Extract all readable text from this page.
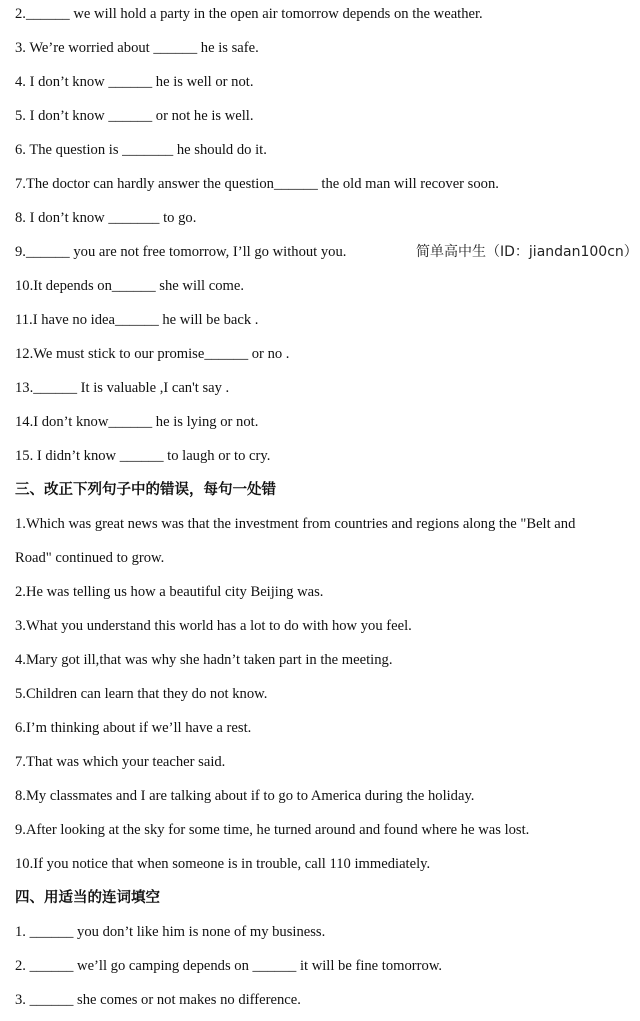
2.______ we will hold a party in the open air tomorrow depends on the weather.
3. We’re worried about ______ he is safe.
4. I don’t know ______ he is well or not.
5. I don’t know ______ or not he is well.
6. The question is _______ he should do it.
7.The doctor can hardly answer the question______ the old man will recover soon.
8. I don’t know _______ to go.
9.______ you are not free tomorrow, I’ll go without you.	简单高中生（ID：jiandan100cn）
10.It depends on______ she will come.
11.I have no idea______ he will be back .
12.We must stick to our promise______ or no .
13.______ It is valuable ,I can't say .
14.I don’t know______ he is lying or not.
15. I didn’t know ______ to laugh or to cry.
三、改正下列句子中的错误，每句一处错
1.Which was great news was that the investment from countries and regions along the "Belt and
Road" continued to grow.
2.He was telling us how a beautiful city Beijing was.
3.What you understand this world has a lot to do with how you feel.
4.Mary got ill,that was why she hadn’t taken part in the meeting.
5.Children can learn that they do not know.
6.I’m thinking about if we’ll have a rest.
7.That was which your teacher said.
8.My classmates and I are talking about if to go to America during the holiday.
9.After looking at the sky for some time, he turned around and found where he was lost.
10.If you notice that when someone is in trouble, call 110 immediately.
四、用适当的连词填空
1. ______ you don’t like him is none of my business.
2. ______ we’ll go camping depends on ______ it will be fine tomorrow.
3. ______ she comes or not makes no difference.
